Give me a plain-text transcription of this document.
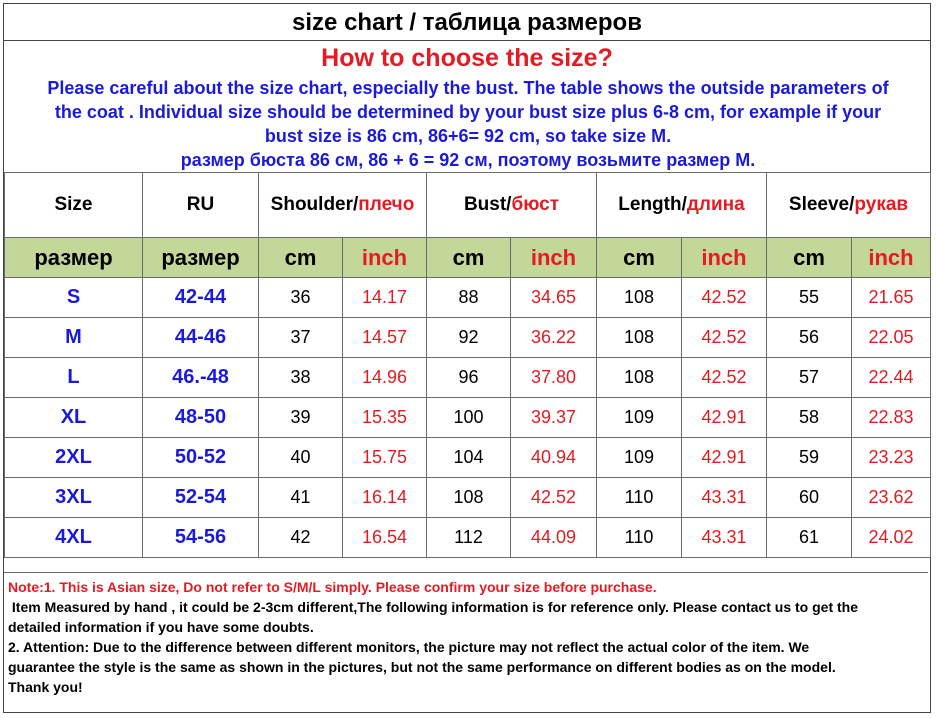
size chart / таблица размеров
How to choose the size?
Please careful about the size chart, especially the bust. The table shows the outside parameters of
the coat . Individual size should be determined by your bust size plus 6-8 cm, for example if your
bust size is 86 cm, 86+6= 92 cm, so take size M.
размер бюста 86 см, 86 + 6 = 92 см, поэтому возьмите размер M.
Size	RU	Shoulder/плечо		Bust/бюст		Length/длина		Sleeve/рукав	
размер	размер	cm	inch	cm	inch	cm	inch	cm	inch
S	42-44	36	14.17	88	34.65	108	42.52	55	21.65
M	44-46	37	14.57	92	36.22	108	42.52	56	22.05
L	46.-48	38	14.96	96	37.80	108	42.52	57	22.44
XL	48-50	39	15.35	100	39.37	109	42.91	58	22.83
2XL	50-52	40	15.75	104	40.94	109	42.91	59	23.23
3XL	52-54	41	16.14	108	42.52	110	43.31	60	23.62
4XL	54-56	42	16.54	112	44.09	110	43.31	61	24.02
Note:1. This is Asian size, Do not refer to S/M/L simply. Please confirm your size before purchase.
Item Measured by hand , it could be 2-3cm different,The following information is for reference only. Please contact us to get the
detailed information if you have some doubts.
2. Attention: Due to the difference between different monitors, the picture may not reflect the actual color of the item. We
guarantee the style is the same as shown in the pictures, but not the same performance on different bodies as on the model.
Thank you!
